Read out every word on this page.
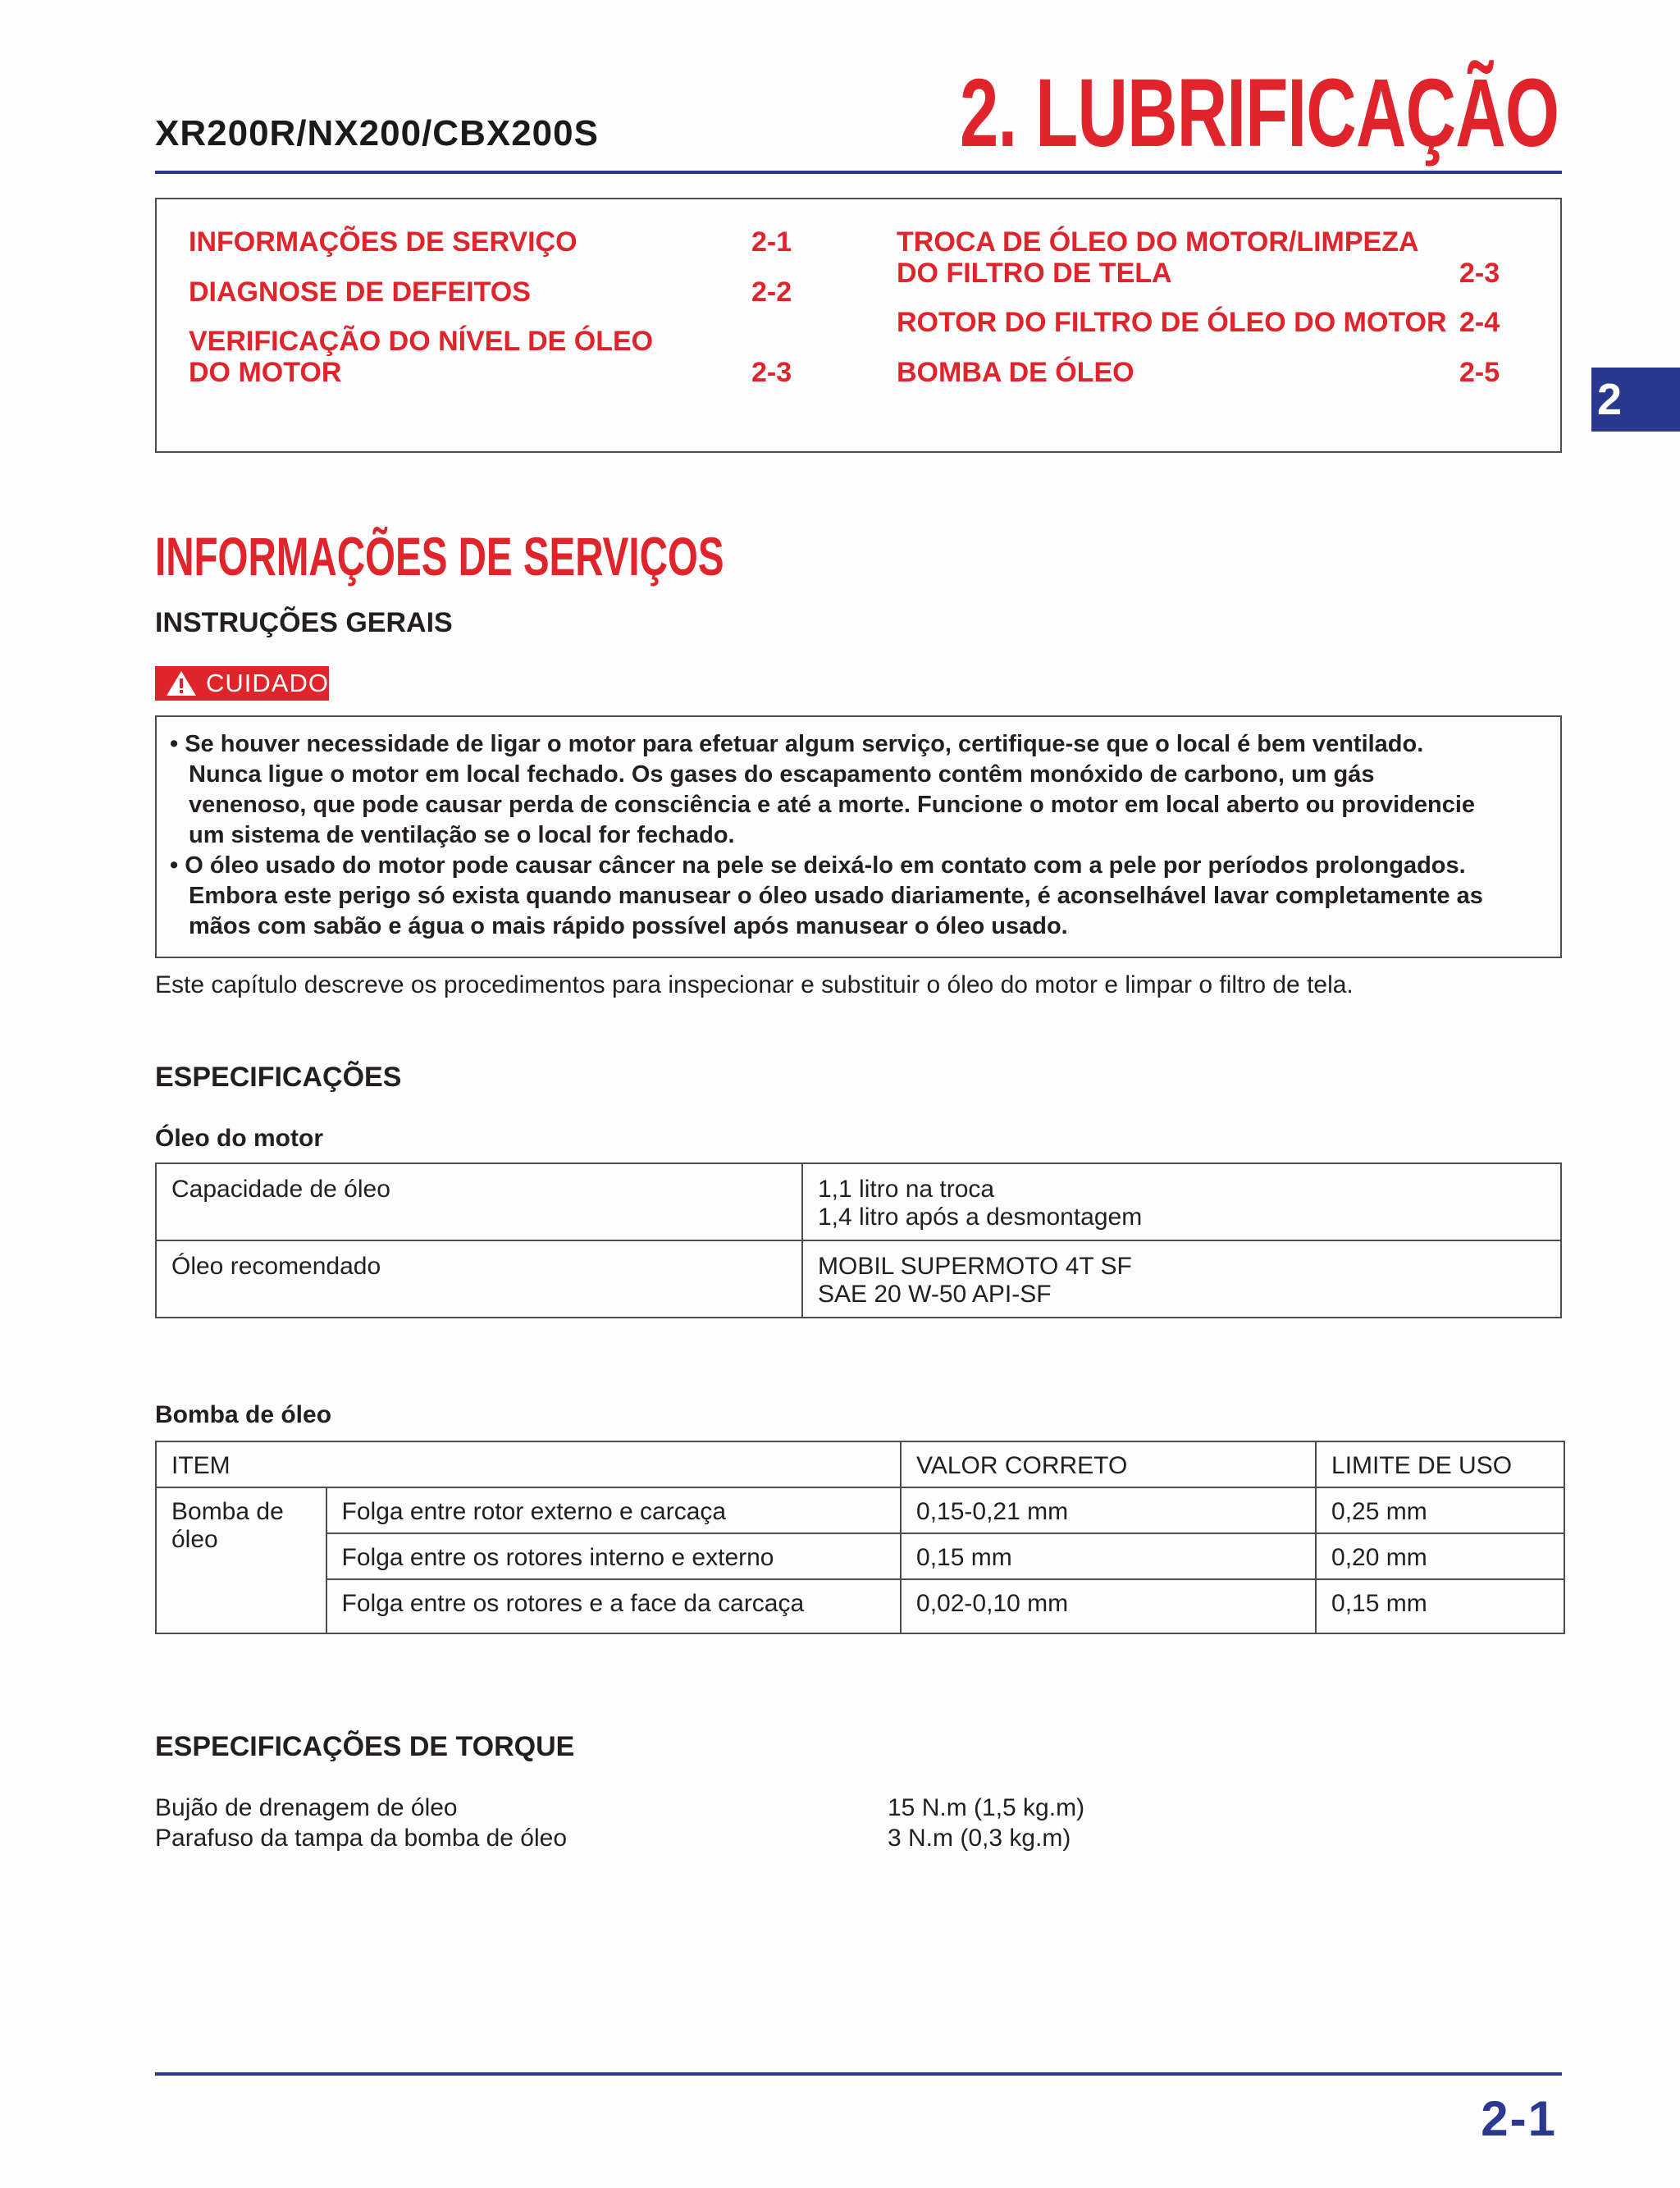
XR200R/NX200/CBX200S	2. LUBRIFICAÇÃO
INFORMAÇÕES DE SERVIÇO	2-1
DIAGNOSE DE DEFEITOS	2-2
VERIFICAÇÃO DO NÍVEL DE ÓLEO
DO MOTOR	2-3
TROCA DE ÓLEO DO MOTOR/LIMPEZA
DO FILTRO DE TELA	2-3
ROTOR DO FILTRO DE ÓLEO DO MOTOR 2-4
BOMBA DE ÓLEO	2-5
2
INFORMAÇÕES DE SERVIÇOS
INSTRUÇÕES GERAIS
CUIDADO
• Se houver necessidade de ligar o motor para efetuar algum serviço, certifique-se que o local é bem ventilado.
Nunca ligue o motor em local fechado. Os gases do escapamento contêm monóxido de carbono, um gás
venenoso, que pode causar perda de consciência e até a morte. Funcione o motor em local aberto ou providencie
um sistema de ventilação se o local for fechado.
• O óleo usado do motor pode causar câncer na pele se deixá-lo em contato com a pele por períodos prolongados.
Embora este perigo só exista quando manusear o óleo usado diariamente, é aconselhável lavar completamente as
mãos com sabão e água o mais rápido possível após manusear o óleo usado.
Este capítulo descreve os procedimentos para inspecionar e substituir o óleo do motor e limpar o filtro de tela.
ESPECIFICAÇÕES
Óleo do motor
Capacidade de óleo	1,1 litro na troca
1,4 litro após a desmontagem

Óleo recomendado	MOBIL SUPERMOTO 4T SF
SAE 20 W-50 API-SF
Bomba de óleo
ITEM		VALOR CORRETO	LIMITE DE USO

Bomba de
óleo	Folga entre rotor externo e carcaça	0,15-0,21 mm	0,25 mm
	Folga entre os rotores interno e externo	0,15 mm	0,20 mm
	Folga entre os rotores e a face da carcaça	0,02-0,10 mm	0,15 mm
ESPECIFICAÇÕES DE TORQUE
Bujão de drenagem de óleo	15 N.m (1,5 kg.m)
Parafuso da tampa da bomba de óleo	3 N.m (0,3 kg.m)
2-1
